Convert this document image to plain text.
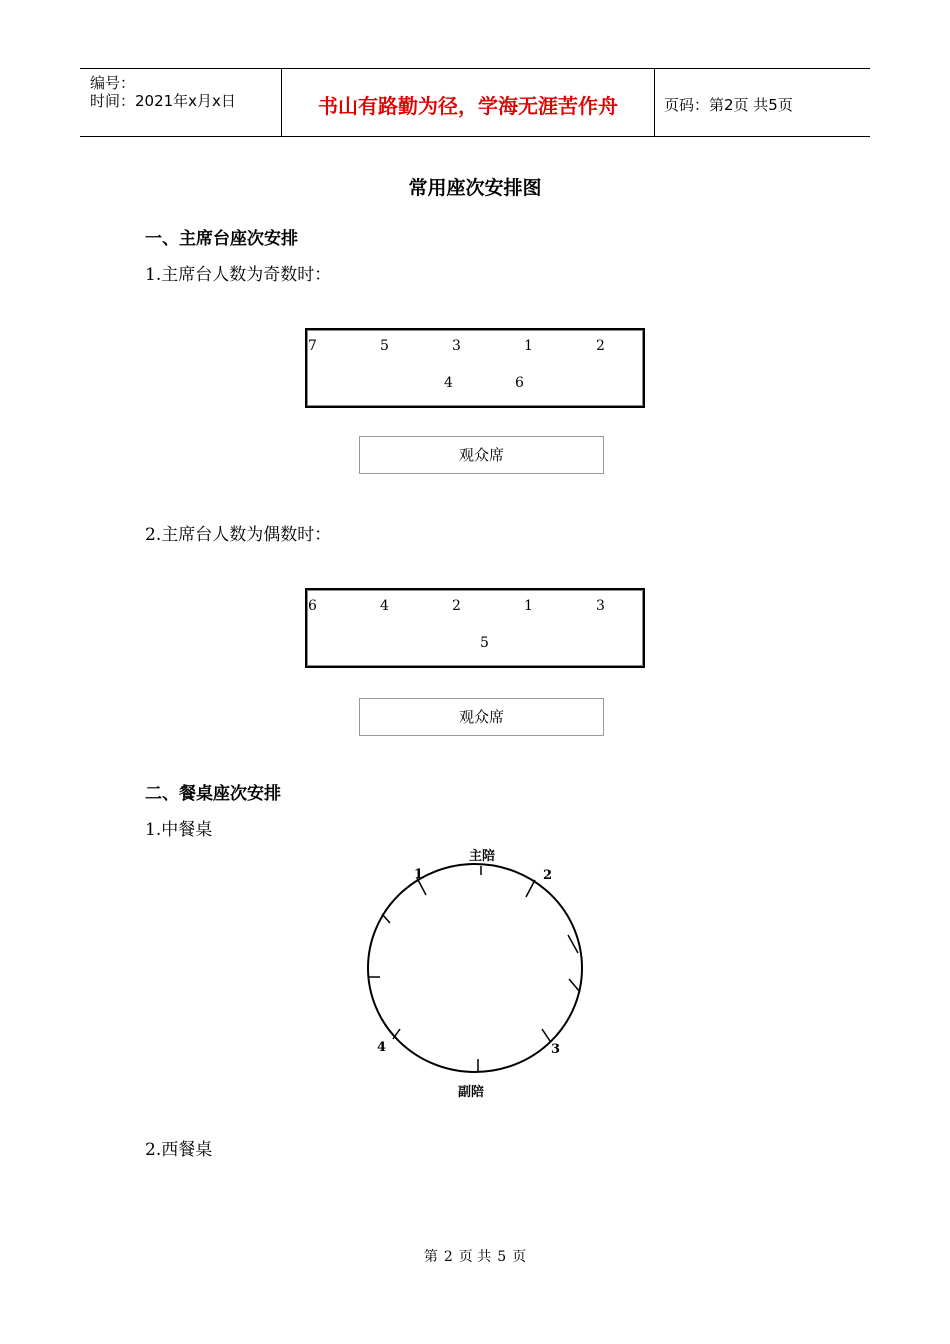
编号：
时间：2021年x月x日	书山有路勤为径，学海无涯苦作舟	页码：第2页 共5页
常用座次安排图
一、主席台座次安排
1.主席台人数为奇数时：
7	5	3	1	2
4	6
观众席
2.主席台人数为偶数时：
6	4	2	1	3
5
观众席
二、餐桌座次安排
1.中餐桌
主陪
1	2
3
4
副陪
2.西餐桌
第 2 页 共 5 页
